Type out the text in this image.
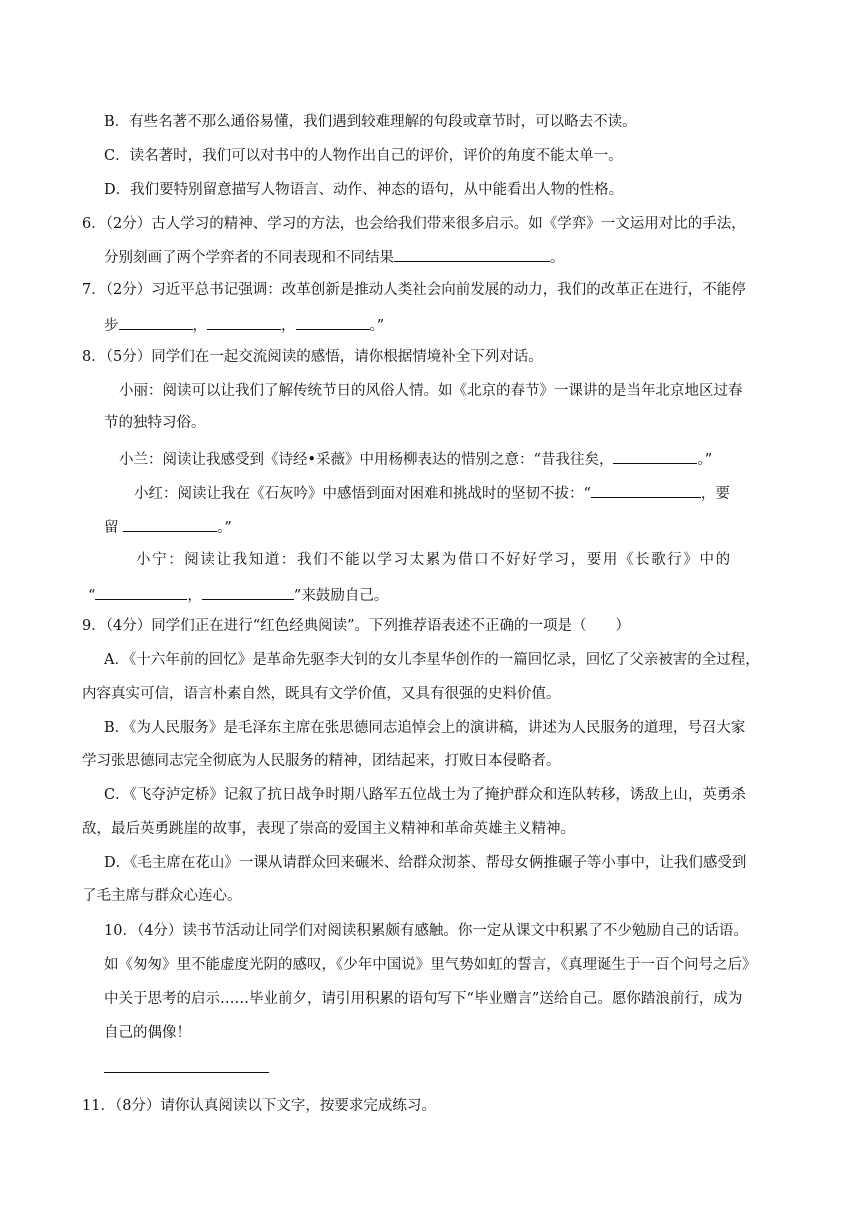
B．有些名著不那么通俗易懂，我们遇到较难理解的句段或章节时，可以略去不读。
C．读名著时，我们可以对书中的人物作出自己的评价，评价的角度不能太单一。
D．我们要特别留意描写人物语言、动作、神态的语句，从中能看出人物的性格。
6．（2分）古人学习的精神、学习的方法，也会给我们带来很多启示。如《学弈》一文运用对比的手法，
分别刻画了两个学弈者的不同表现和不同结果	。
7．（2分）习近平总书记强调：改革创新是推动人类社会向前发展的动力，我们的改革正在进行，不能停
步	，	，	。”
8．（5分）同学们在一起交流阅读的感悟，请你根据情境补全下列对话。
小丽：阅读可以让我们了解传统节日的风俗人情。如《北京的春节》一课讲的是当年北京地区过春
节的独特习俗。
小兰：阅读让我感受到《诗经•采薇》中用杨柳表达的惜别之意：“昔我往矣，	。”
小红：阅读让我在《石灰吟》中感悟到面对困难和挑战时的坚韧不拔：“	，要
留	。”
小宁：阅读让我知道：我们不能以学习太累为借口不好好学习，要用《长歌行》中的
“	，	”来鼓励自己。
9．（4分）同学们正在进行“红色经典阅读”。下列推荐语表述不正确的一项是（　　）
A．《十六年前的回忆》是革命先驱李大钊的女儿李星华创作的一篇回忆录，回忆了父亲被害的全过程，
内容真实可信，语言朴素自然，既具有文学价值，又具有很强的史料价值。
B．《为人民服务》是毛泽东主席在张思德同志追悼会上的演讲稿，讲述为人民服务的道理，号召大家
学习张思德同志完全彻底为人民服务的精神，团结起来，打败日本侵略者。
C．《飞夺泸定桥》记叙了抗日战争时期八路军五位战士为了掩护群众和连队转移，诱敌上山，英勇杀
敌，最后英勇跳崖的故事，表现了崇高的爱国主义精神和革命英雄主义精神。
D．《毛主席在花山》一课从请群众回来碾米、给群众沏茶、帮母女俩推碾子等小事中，让我们感受到
了毛主席与群众心连心。
10．（4分）读书节活动让同学们对阅读积累颇有感触。你一定从课文中积累了不少勉励自己的话语。
如《匆匆》里不能虚度光阴的感叹，《少年中国说》里气势如虹的誓言，《真理诞生于一百个问号之后》
中关于思考的启示……毕业前夕，请引用积累的语句写下“毕业赠言”送给自己。愿你踏浪前行，成为
自己的偶像！
11．（8分）请你认真阅读以下文字，按要求完成练习。
